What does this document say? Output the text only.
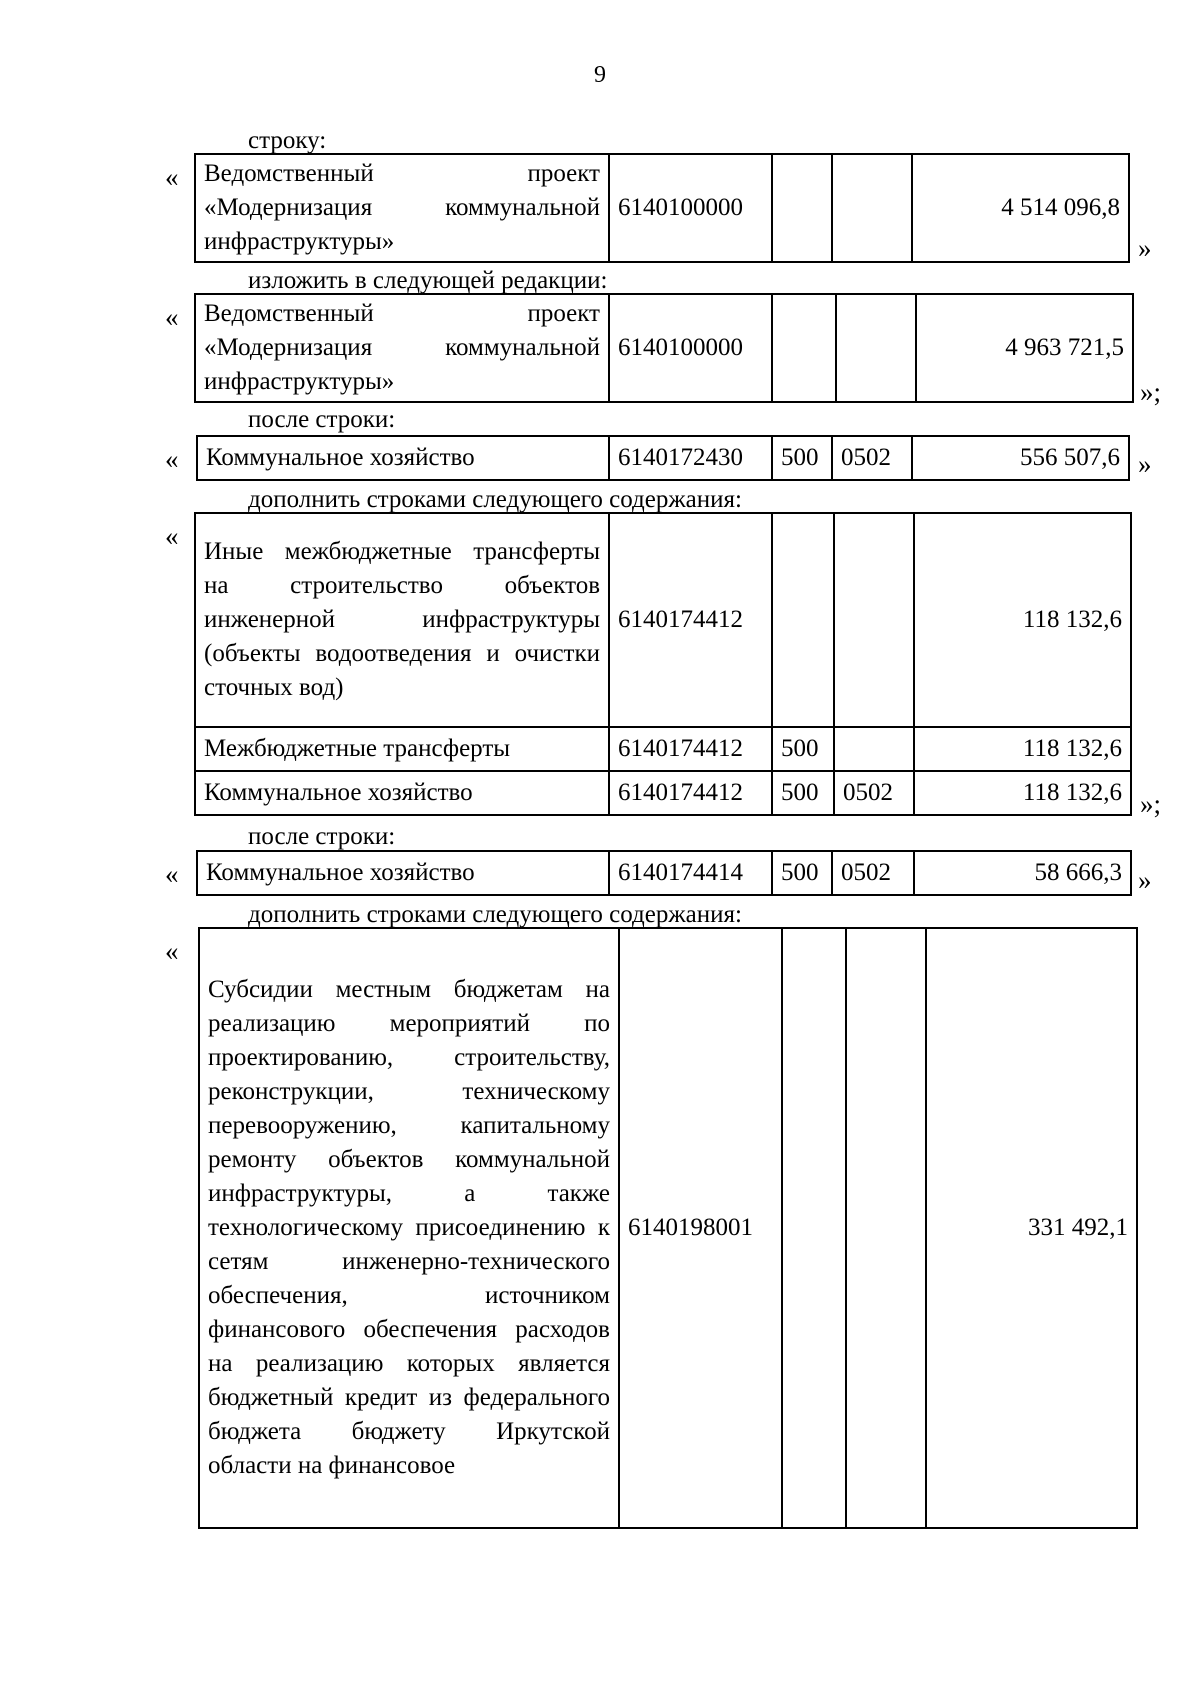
9
строку:
« Ведомственный проект «Модернизация коммунальной инфраструктуры»	6140100000			4 514 096,8
»
изложить в следующей редакции:
« Ведомственный проект «Модернизация коммунальной инфраструктуры»	6140100000			4 963 721,5
»;
после строки:
« Коммунальное хозяйство	6140172430	500	0502	556 507,6 »
дополнить строками следующего содержания:
«
Иные межбюджетные трансферты на строительство объектов инженерной инфраструктуры (объекты водоотведения и очистки сточных вод)	6140174412			118 132,6
Межбюджетные трансферты	6140174412	500		118 132,6
Коммунальное хозяйство	6140174412	500	0502	118 132,6 »;
после строки:
« Коммунальное хозяйство	6140174414	500	0502	58 666,3 »
дополнить строками следующего содержания:
«
Субсидии местным бюджетам на реализацию мероприятий по проектированию, строительству, реконструкции, техническому перевооружению, капитальному ремонту объектов коммунальной инфраструктуры, а также технологическому присоединению к сетям инженерно-технического обеспечения, источником финансового обеспечения расходов на реализацию которых является бюджетный кредит из федерального бюджета бюджету Иркутской области на финансовое	6140198001			331 492,1
